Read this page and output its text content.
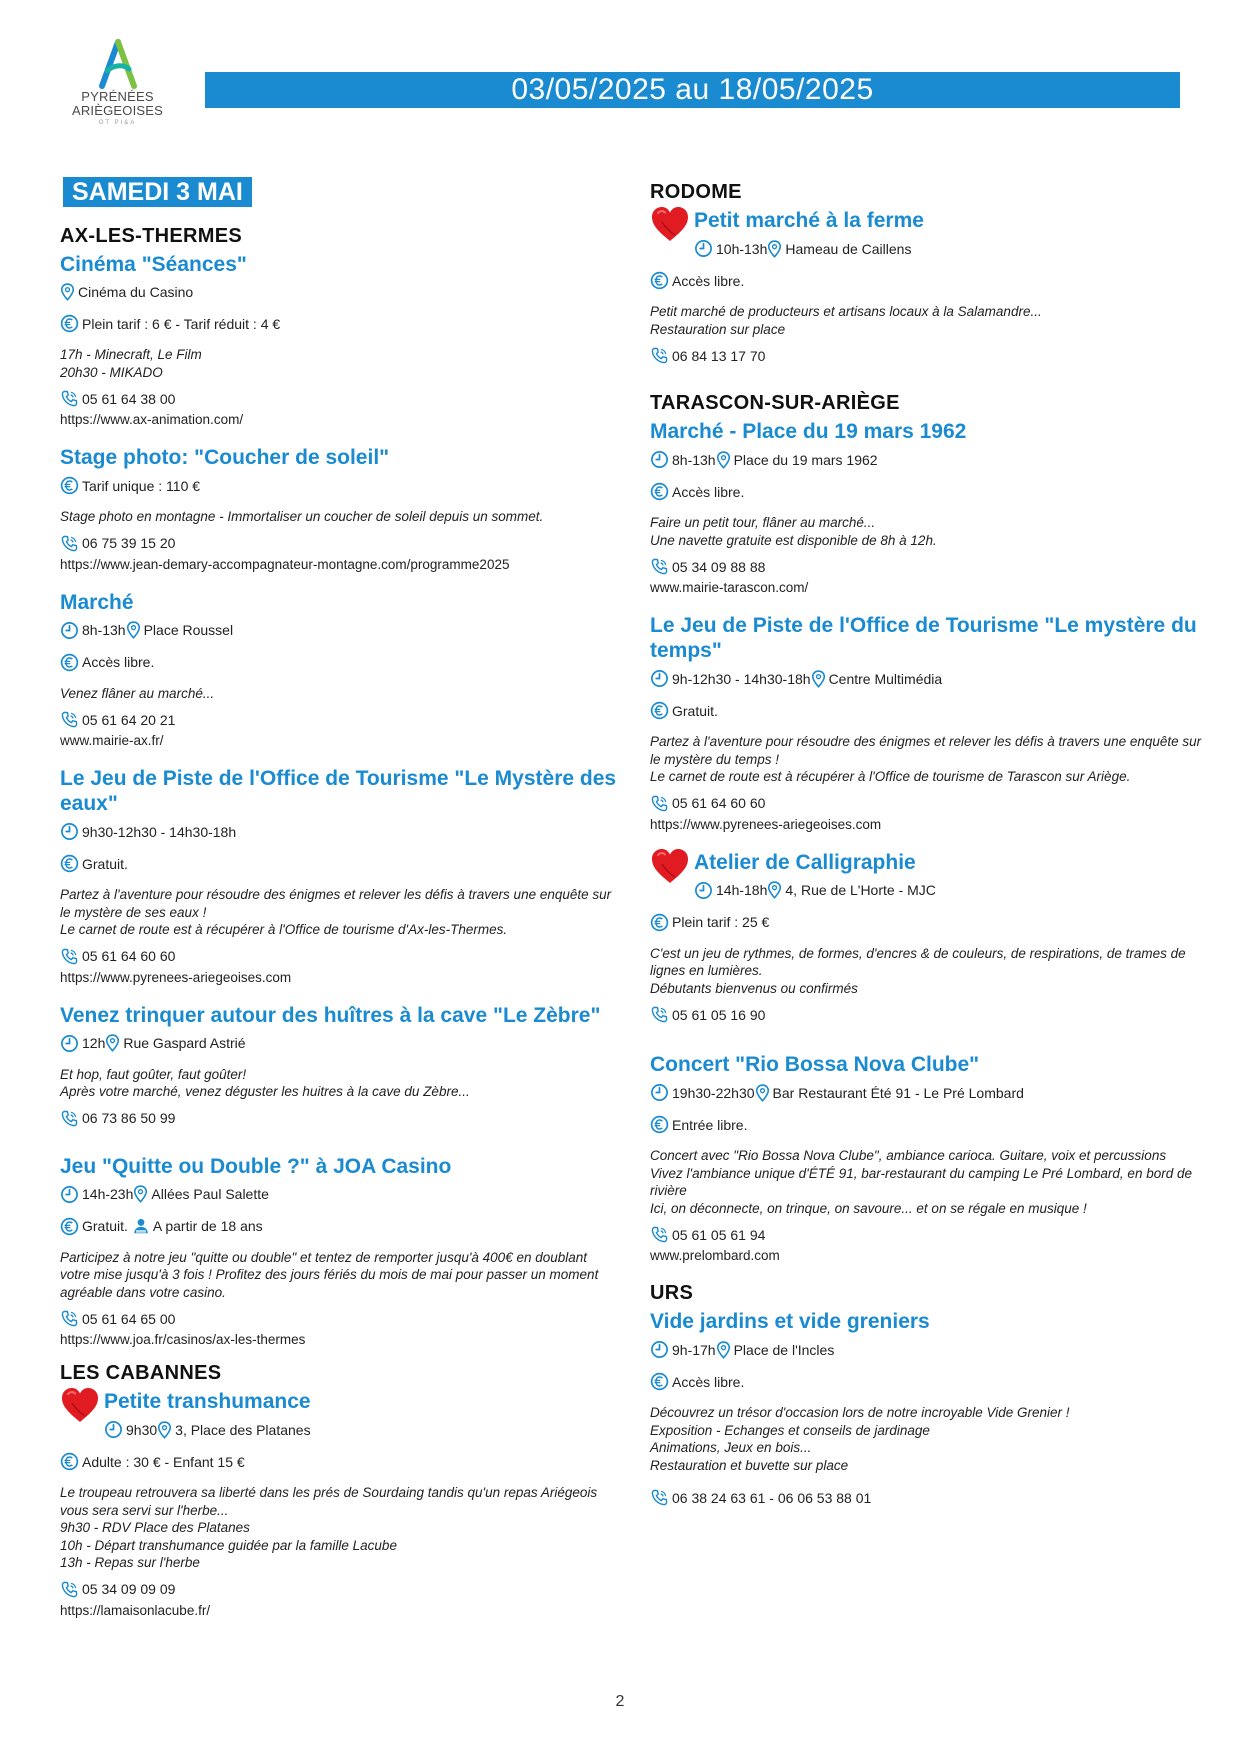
PYRÉNÉES
ARIÈGEOISES
OT PI&A
03/05/2025 au 18/05/2025
SAMEDI 3 MAI
AX-LES-THERMES
Cinéma "Séances"
Cinéma du Casino
Plein tarif : 6 € - Tarif réduit : 4 €
17h - Minecraft, Le Film
20h30 - MIKADO
05 61 64 38 00
https://www.ax-animation.com/
Stage photo: "Coucher de soleil"
Tarif unique : 110 €
Stage photo en montagne - Immortaliser un coucher de soleil depuis un sommet.
06 75 39 15 20
https://www.jean-demary-accompagnateur-montagne.com/programme2025
Marché
8h-13h Place Roussel
Accès libre.
Venez flâner au marché...
05 61 64 20 21
www.mairie-ax.fr/
Le Jeu de Piste de l'Office de Tourisme "Le Mystère des eaux"
9h30-12h30 - 14h30-18h
Gratuit.
Partez à l'aventure pour résoudre des énigmes et relever les défis à travers une enquête sur le mystère de ses eaux !
Le carnet de route est à récupérer à l'Office de tourisme d'Ax-les-Thermes.
05 61 64 60 60
https://www.pyrenees-ariegeoises.com
Venez trinquer autour des huîtres à la cave "Le Zèbre"
12h Rue Gaspard Astrié
Et hop, faut goûter, faut goûter!
Après votre marché, venez déguster les huitres à la cave du Zèbre...
06 73 86 50 99
Jeu "Quitte ou Double ?" à JOA Casino
14h-23h Allées Paul Salette
Gratuit. A partir de 18 ans
Participez à notre jeu "quitte ou double" et tentez de remporter jusqu'à 400€ en doublant votre mise jusqu'à 3 fois ! Profitez des jours fériés du mois de mai pour passer un moment agréable dans votre casino.
05 61 64 65 00
https://www.joa.fr/casinos/ax-les-thermes
LES CABANNES
Petite transhumance
9h30 3, Place des Platanes
Adulte : 30 € - Enfant 15 €
Le troupeau retrouvera sa liberté dans les prés de Sourdaing tandis qu'un repas Ariégeois vous sera servi sur l'herbe...
9h30 - RDV Place des Platanes
10h - Départ transhumance guidée par la famille Lacube
13h - Repas sur l'herbe
05 34 09 09 09
https://lamaisonlacube.fr/
RODOME
Petit marché à la ferme
10h-13h Hameau de Caillens
Accès libre.
Petit marché de producteurs et artisans locaux à la Salamandre...
Restauration sur place
06 84 13 17 70
TARASCON-SUR-ARIÈGE
Marché - Place du 19 mars 1962
8h-13h Place du 19 mars 1962
Accès libre.
Faire un petit tour, flâner au marché...
Une navette gratuite est disponible de 8h à 12h.
05 34 09 88 88
www.mairie-tarascon.com/
Le Jeu de Piste de l'Office de Tourisme "Le mystère du temps"
9h-12h30 - 14h30-18h Centre Multimédia
Gratuit.
Partez à l'aventure pour résoudre des énigmes et relever les défis à travers une enquête sur le mystère du temps !
Le carnet de route est à récupérer à l'Office de tourisme de Tarascon sur Ariège.
05 61 64 60 60
https://www.pyrenees-ariegeoises.com
Atelier de Calligraphie
14h-18h 4, Rue de L'Horte - MJC
Plein tarif : 25 €
C'est un jeu de rythmes, de formes, d'encres & de couleurs, de respirations, de trames de lignes en lumières.
Débutants bienvenus ou confirmés
05 61 05 16 90
Concert "Rio Bossa Nova Clube"
19h30-22h30 Bar Restaurant Été 91 - Le Pré Lombard
Entrée libre.
Concert avec "Rio Bossa Nova Clube", ambiance carioca. Guitare, voix et percussions
Vivez l'ambiance unique d'ÉTÉ 91, bar-restaurant du camping Le Pré Lombard, en bord de rivière
Ici, on déconnecte, on trinque, on savoure... et on se régale en musique !
05 61 05 61 94
www.prelombard.com
URS
Vide jardins et vide greniers
9h-17h Place de l'Incles
Accès libre.
Découvrez un trésor d'occasion lors de notre incroyable Vide Grenier !
Exposition - Echanges et conseils de jardinage
Animations, Jeux en bois...
Restauration et buvette sur place
06 38 24 63 61 - 06 06 53 88 01
2
